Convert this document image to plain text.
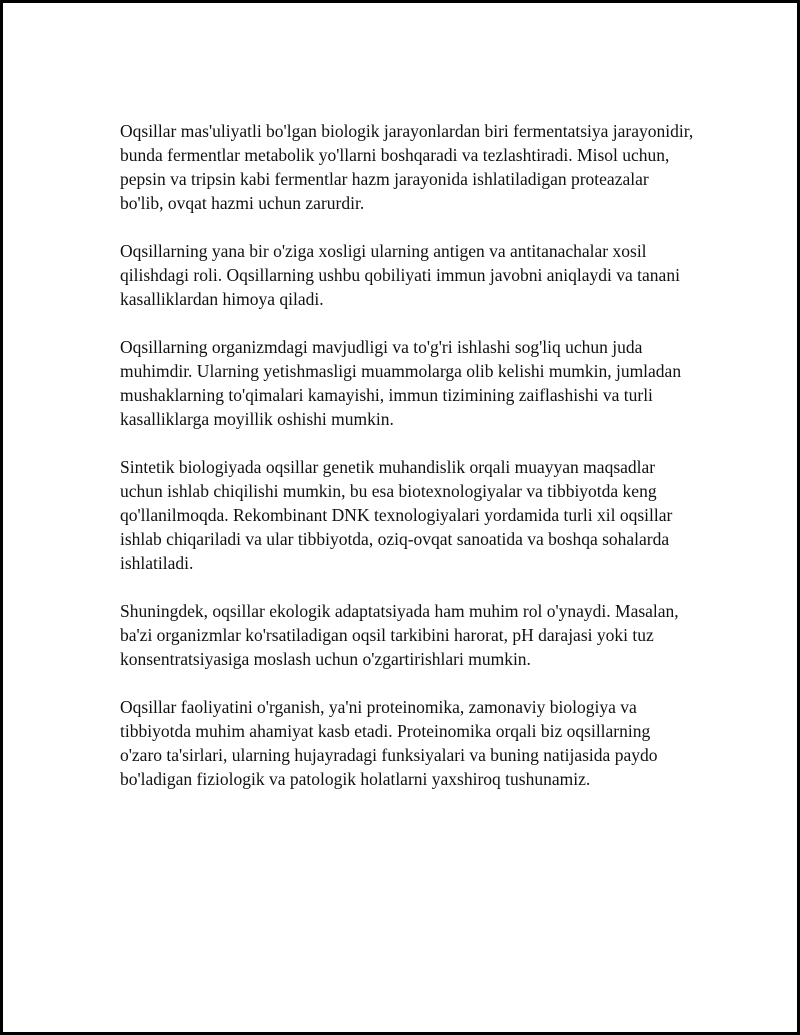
Oqsillar mas'uliyatli bo'lgan biologik jarayonlardan biri fermentatsiya jarayonidir, bunda fermentlar metabolik yo'llarni boshqaradi va tezlashtiradi. Misol uchun, pepsin va tripsin kabi fermentlar hazm jarayonida ishlatiladigan proteazalar bo'lib, ovqat hazmi uchun zarurdir.

Oqsillarning yana bir o'ziga xosligi ularning antigen va antitanachalar xosil qilishdagi roli. Oqsillarning ushbu qobiliyati immun javobni aniqlaydi va tanani kasalliklardan himoya qiladi.

Oqsillarning organizmdagi mavjudligi va to'g'ri ishlashi sog'liq uchun juda muhimdir. Ularning yetishmasligi muammolarga olib kelishi mumkin, jumladan mushaklarning to'qimalari kamayishi, immun tizimining zaiflashishi va turli kasalliklarga moyillik oshishi mumkin.

Sintetik biologiyada oqsillar genetik muhandislik orqali muayyan maqsadlar uchun ishlab chiqilishi mumkin, bu esa biotexnologiyalar va tibbiyotda keng qo'llanilmoqda. Rekombinant DNK texnologiyalari yordamida turli xil oqsillar ishlab chiqariladi va ular tibbiyotda, oziq-ovqat sanoatida va boshqa sohalarda ishlatiladi.

Shuningdek, oqsillar ekologik adaptatsiyada ham muhim rol o'ynaydi. Masalan, ba'zi organizmlar ko'rsatiladigan oqsil tarkibini harorat, pH darajasi yoki tuz konsentratsiyasiga moslash uchun o'zgartirishlari mumkin.

Oqsillar faoliyatini o'rganish, ya'ni proteinomika, zamonaviy biologiya va tibbiyotda muhim ahamiyat kasb etadi. Proteinomika orqali biz oqsillarning o'zaro ta'sirlari, ularning hujayradagi funksiyalari va buning natijasida paydo bo'ladigan fiziologik va patologik holatlarni yaxshiroq tushunamiz.
